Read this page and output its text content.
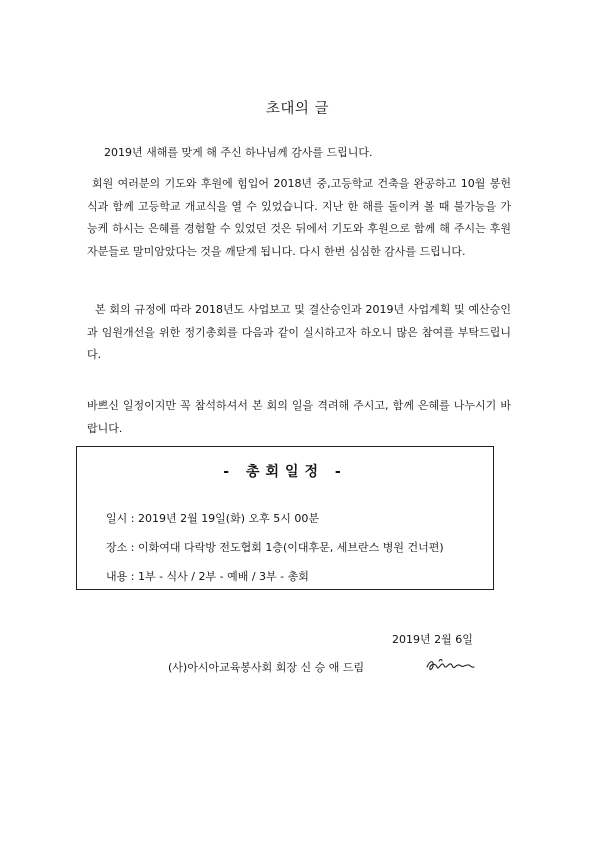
초대의 글

2019년 새해를 맞게 해 주신 하나님께 감사를 드립니다.

회원 여러분의 기도와 후원에 힘입어 2018년 중,고등학교 건축을 완공하고 10월 봉헌식과 함께 고등학교 개교식을 열 수 있었습니다. 지난 한 해를 돌이켜 볼 때 불가능을 가능케 하시는 은혜를 경험할 수 있었던 것은 뒤에서 기도와 후원으로 함께 해 주시는 후원자분들로 말미암았다는 것을 깨닫게 됩니다. 다시 한번 심심한 감사를 드립니다.

본 회의 규정에 따라 2018년도 사업보고 및 결산승인과 2019년 사업계획 및 예산승인과 임원개선을 위한 정기총회를 다음과 같이 실시하고자 하오니 많은 참여를 부탁드립니다.

바쁘신 일정이지만 꼭 참석하셔서 본 회의 일을 격려해 주시고, 함께 은혜를 나누시기 바랍니다.

- 총회일정 -
일시 : 2019년 2월 19일(화) 오후 5시 00분
장소 : 이화여대 다락방 전도협회 1층(이대후문, 세브란스 병원 건너편)
내용 : 1부 - 식사 / 2부 - 예배 / 3부 - 총회
2019년 2월 6일
(사)아시아교육봉사회 회장 신 승 애 드림
